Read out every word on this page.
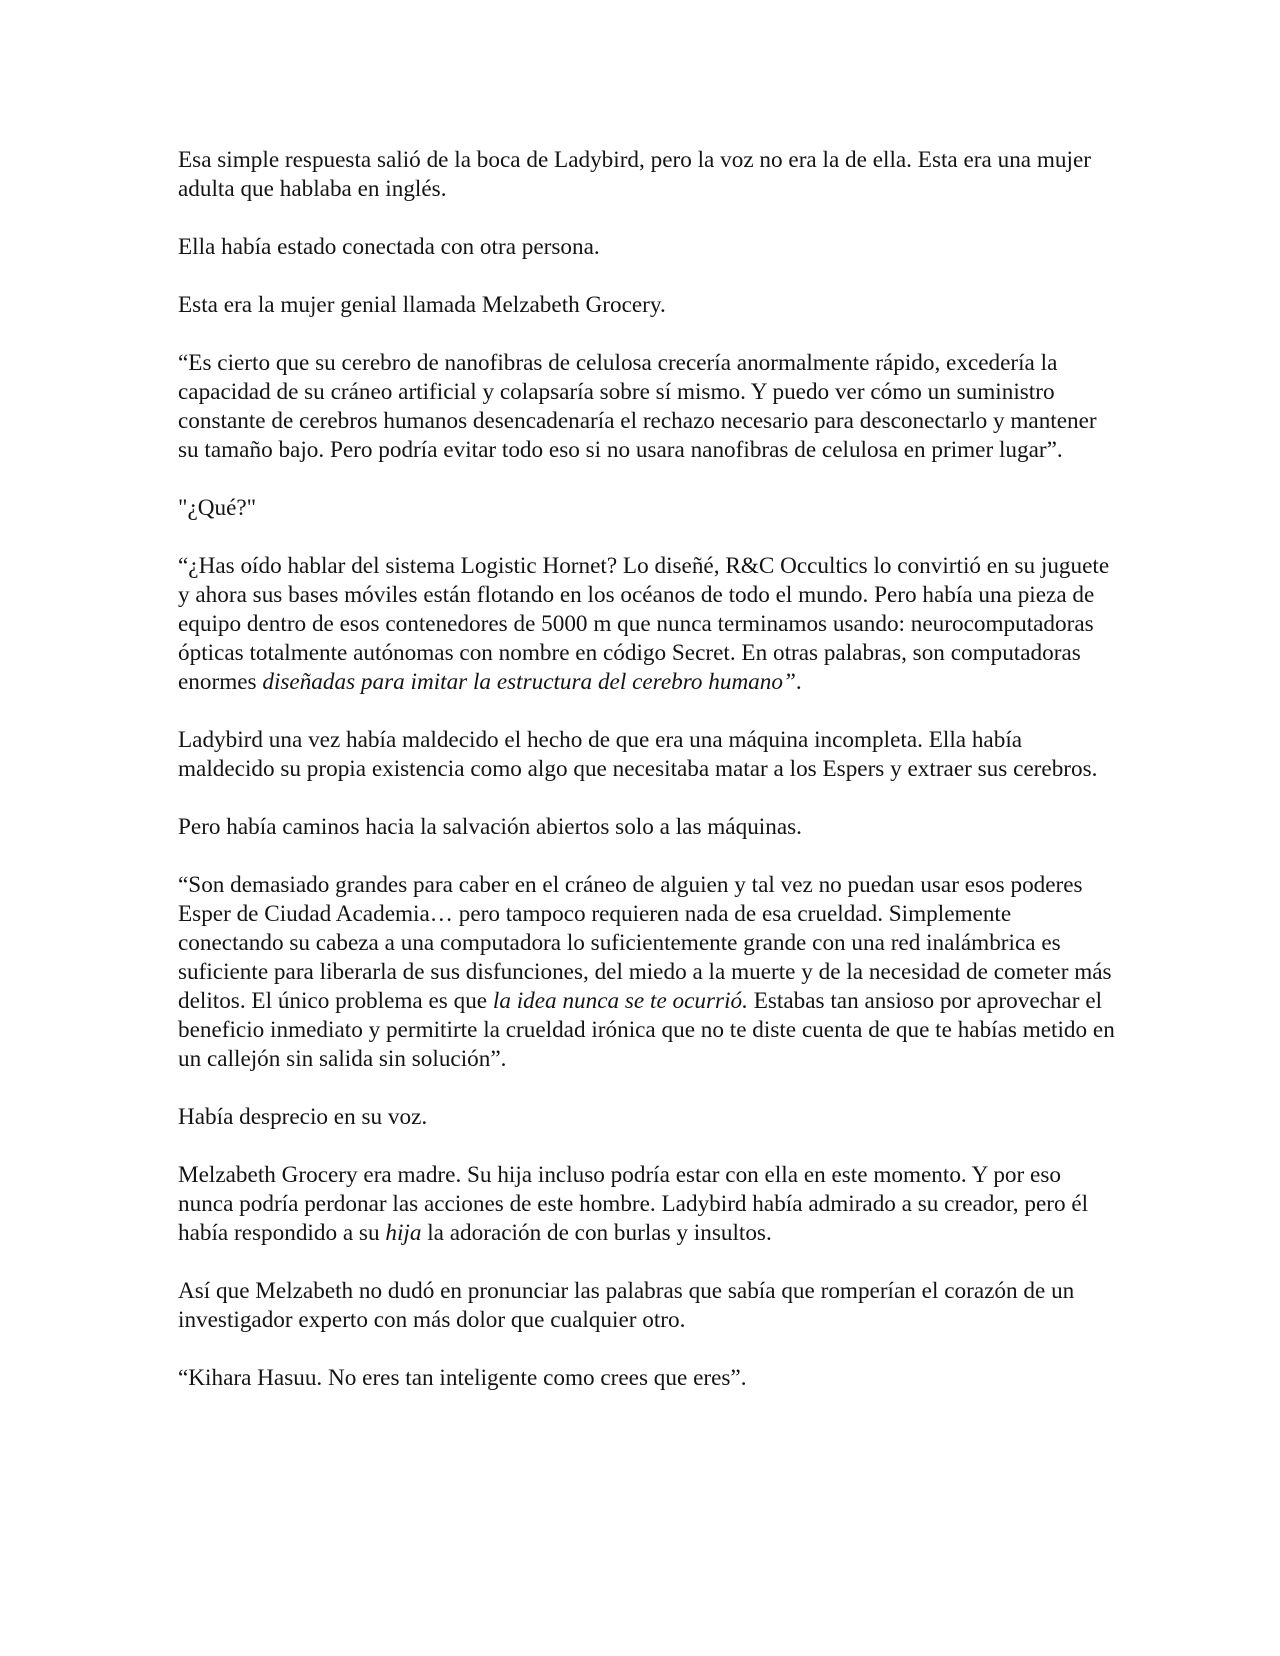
Esa simple respuesta salió de la boca de Ladybird, pero la voz no era la de ella. Esta era una mujer adulta que hablaba en inglés.

Ella había estado conectada con otra persona.

Esta era la mujer genial llamada Melzabeth Grocery.

“Es cierto que su cerebro de nanofibras de celulosa crecería anormalmente rápido, excedería la capacidad de su cráneo artificial y colapsaría sobre sí mismo. Y puedo ver cómo un suministro constante de cerebros humanos desencadenaría el rechazo necesario para desconectarlo y mantener su tamaño bajo. Pero podría evitar todo eso si no usara nanofibras de celulosa en primer lugar”.

"¿Qué?"

“¿Has oído hablar del sistema Logistic Hornet? Lo diseñé, R&C Occultics lo convirtió en su juguete y ahora sus bases móviles están flotando en los océanos de todo el mundo. Pero había una pieza de equipo dentro de esos contenedores de 5000 m que nunca terminamos usando: neurocomputadoras ópticas totalmente autónomas con nombre en código Secret. En otras palabras, son computadoras enormes diseñadas para imitar la estructura del cerebro humano”.

Ladybird una vez había maldecido el hecho de que era una máquina incompleta. Ella había maldecido su propia existencia como algo que necesitaba matar a los Espers y extraer sus cerebros.

Pero había caminos hacia la salvación abiertos solo a las máquinas.

“Son demasiado grandes para caber en el cráneo de alguien y tal vez no puedan usar esos poderes Esper de Ciudad Academia… pero tampoco requieren nada de esa crueldad. Simplemente conectando su cabeza a una computadora lo suficientemente grande con una red inalámbrica es suficiente para liberarla de sus disfunciones, del miedo a la muerte y de la necesidad de cometer más delitos. El único problema es que la idea nunca se te ocurrió. Estabas tan ansioso por aprovechar el beneficio inmediato y permitirte la crueldad irónica que no te diste cuenta de que te habías metido en un callejón sin salida sin solución”.

Había desprecio en su voz.

Melzabeth Grocery era madre. Su hija incluso podría estar con ella en este momento. Y por eso nunca podría perdonar las acciones de este hombre. Ladybird había admirado a su creador, pero él había respondido a su hija la adoración de con burlas y insultos.

Así que Melzabeth no dudó en pronunciar las palabras que sabía que romperían el corazón de un investigador experto con más dolor que cualquier otro.

“Kihara Hasuu. No eres tan inteligente como crees que eres”.
